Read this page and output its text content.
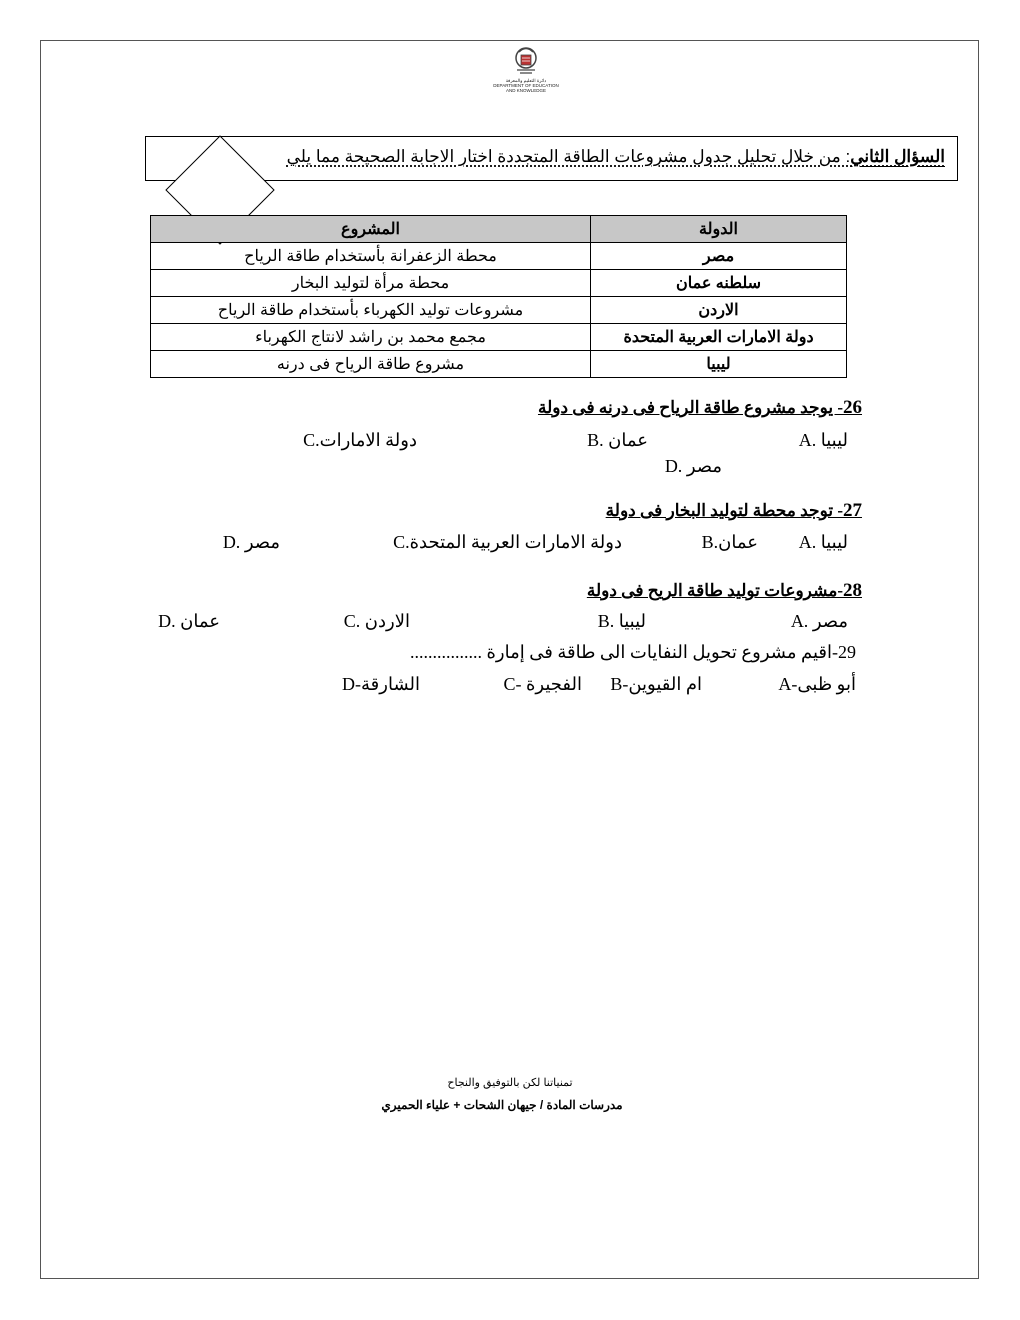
دائرة التعليم والمعرفة
DEPARTMENT OF EDUCATION
AND KNOWLEDGE
السؤال الثاني: من خلال تحليل جدول مشروعات الطاقة المتجددة اختار الاجابة الصحيحة مما يلي
الدولة	المشروع
مصر	محطة الزعفرانة بأستخدام طاقة الرياح
سلطنه عمان	محطة مرأة لتوليد البخار
الاردن	مشروعات توليد الكهرباء بأستخدام طاقة الرياح
دولة الامارات العربية المتحدة	مجمع محمد بن راشد لانتاج الكهرباء
ليبيا	مشروع طاقة الرياح فى درنه
26- يوجد مشروع طاقة الرياح فى درنه فى دولة
A. ليبيا
B. عمان
C.دولة الامارات
D. مصر
27- توجد محطة لتوليد البخار فى دولة
A. ليبيا
B.عمان
C.دولة الامارات العربية المتحدة
D. مصر
28-مشروعات توليد طاقة الريح فى دولة
A. مصر
B. ليبيا
C. الاردن
D. عمان
29-اقيم مشروع تحويل النفايات الى طاقة فى إمارة ................
A-أبو ظبى
B-ام القيوين
C- الفجيرة
D-الشارقة
تمنياتنا لكن بالتوفيق والنجاح
مدرسات المادة / جيهان الشحات + علياء الحميري
